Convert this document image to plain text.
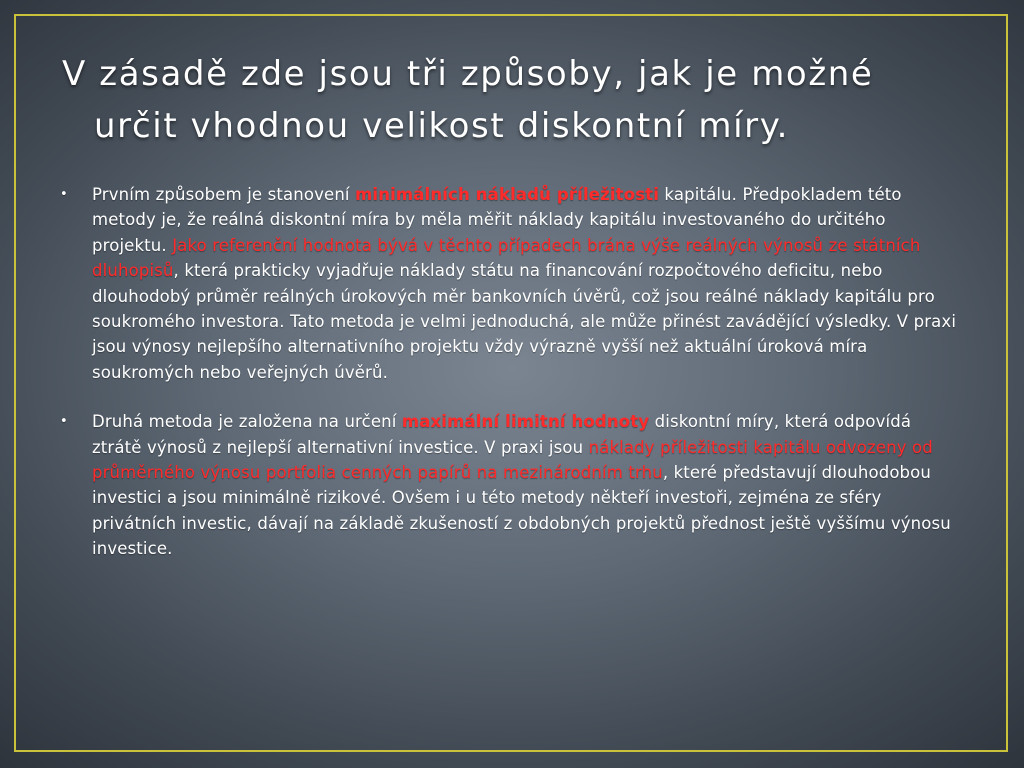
V zásadě zde jsou tři způsoby, jak je možné
určit vhodnou velikost diskontní míry.

•	Prvním způsobem je stanovení minimálních nákladů příležitosti kapitálu. Předpokladem této metody je, že reálná diskontní míra by měla měřit náklady kapitálu investovaného do určitého projektu. Jako referenční hodnota bývá v těchto případech brána výše reálných výnosů ze státních dluhopisů, která prakticky vyjadřuje náklady státu na financování rozpočtového deficitu, nebo dlouhodobý průměr reálných úrokových měr bankovních úvěrů, což jsou reálné náklady kapitálu pro soukromého investora. Tato metoda je velmi jednoduchá, ale může přinést zavádějící výsledky. V praxi jsou výnosy nejlepšího alternativního projektu vždy výrazně vyšší než aktuální úroková míra soukromých nebo veřejných úvěrů.

•	Druhá metoda je založena na určení maximální limitní hodnoty diskontní míry, která odpovídá ztrátě výnosů z nejlepší alternativní investice. V praxi jsou náklady příležitosti kapitálu odvozeny od průměrného výnosu portfolia cenných papírů na mezinárodním trhu, které představují dlouhodobou investici a jsou minimálně rizikové. Ovšem i u této metody někteří investoři, zejména ze sféry privátních investic, dávají na základě zkušeností z obdobných projektů přednost ještě vyššímu výnosu investice.
